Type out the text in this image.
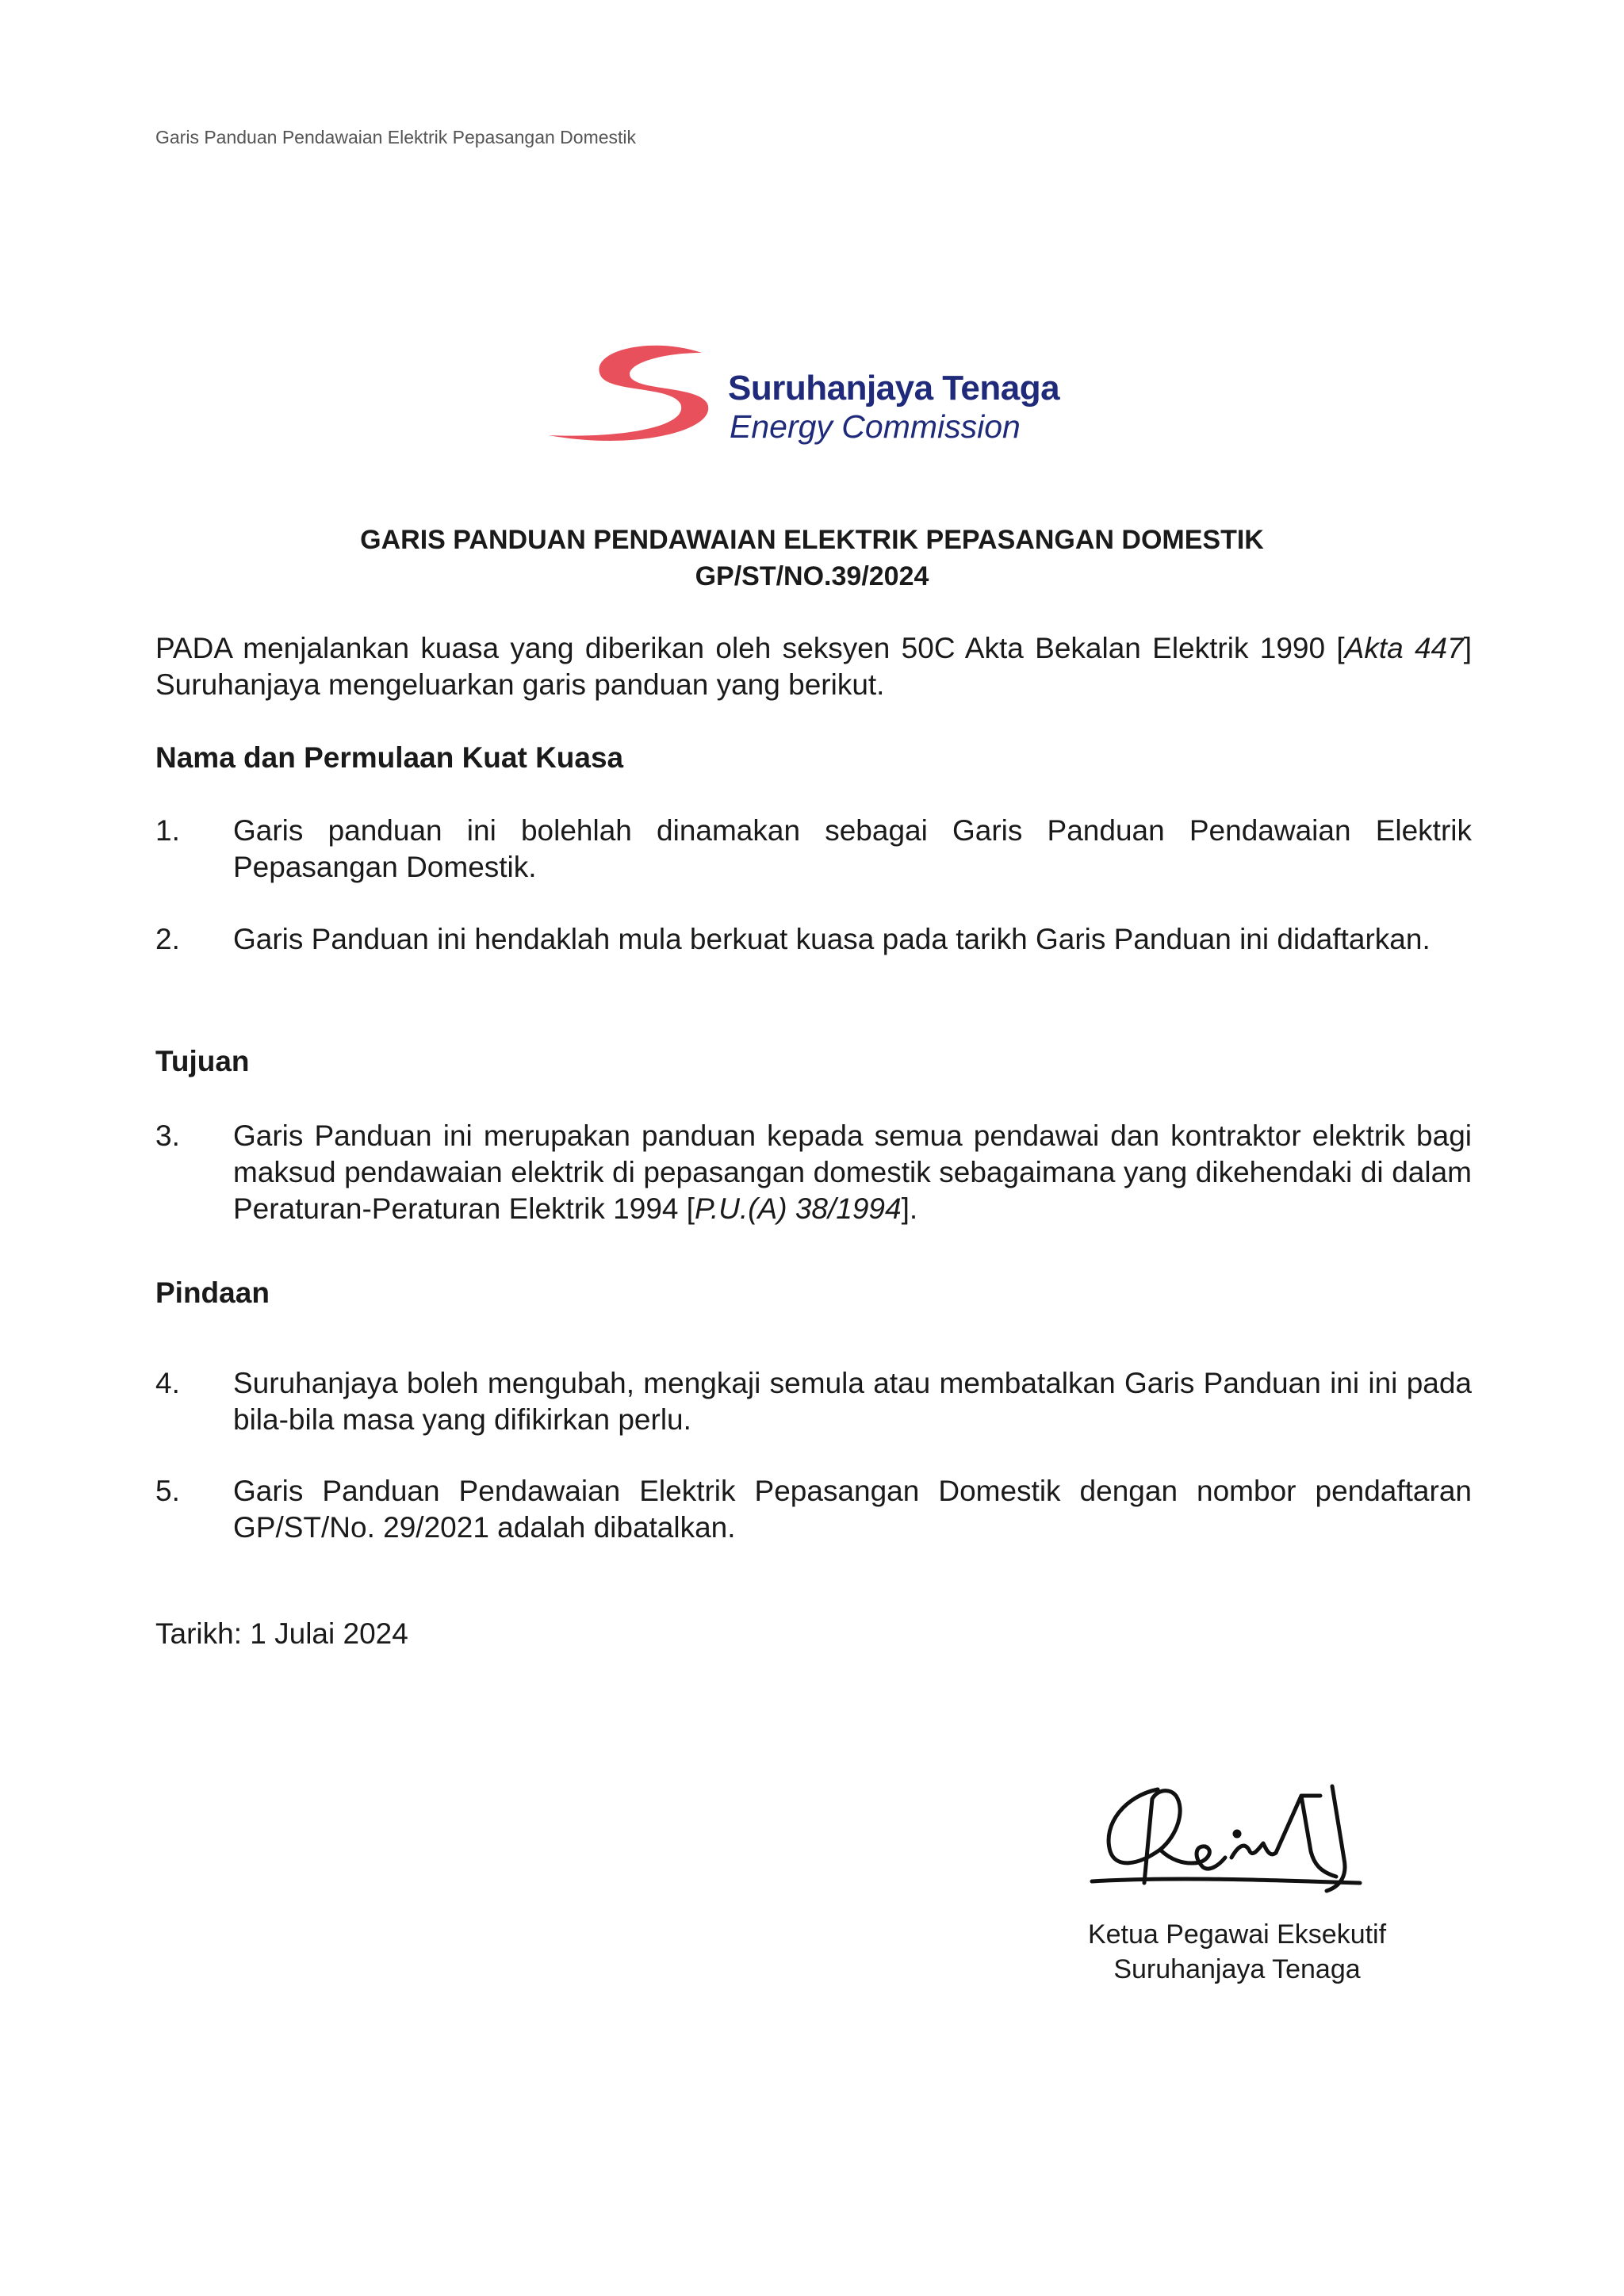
Garis Panduan Pendawaian Elektrik Pepasangan Domestik
Suruhanjaya Tenaga
Energy Commission
GARIS PANDUAN PENDAWAIAN ELEKTRIK PEPASANGAN DOMESTIK
GP/ST/NO.39/2024
PADA menjalankan kuasa yang diberikan oleh seksyen 50C Akta Bekalan Elektrik 1990 [Akta 447] Suruhanjaya mengeluarkan garis panduan yang berikut.
Nama dan Permulaan Kuat Kuasa
1. Garis panduan ini bolehlah dinamakan sebagai Garis Panduan Pendawaian Elektrik Pepasangan Domestik.
2. Garis Panduan ini hendaklah mula berkuat kuasa pada tarikh Garis Panduan ini didaftarkan.
Tujuan
3. Garis Panduan ini merupakan panduan kepada semua pendawai dan kontraktor elektrik bagi maksud pendawaian elektrik di pepasangan domestik sebagaimana yang dikehendaki di dalam Peraturan-Peraturan Elektrik 1994 [P.U.(A) 38/1994].
Pindaan
4. Suruhanjaya boleh mengubah, mengkaji semula atau membatalkan Garis Panduan ini ini pada bila-bila masa yang difikirkan perlu.
5. Garis Panduan Pendawaian Elektrik Pepasangan Domestik dengan nombor pendaftaran GP/ST/No. 29/2021 adalah dibatalkan.
Tarikh: 1 Julai 2024
Ketua Pegawai Eksekutif
Suruhanjaya Tenaga
